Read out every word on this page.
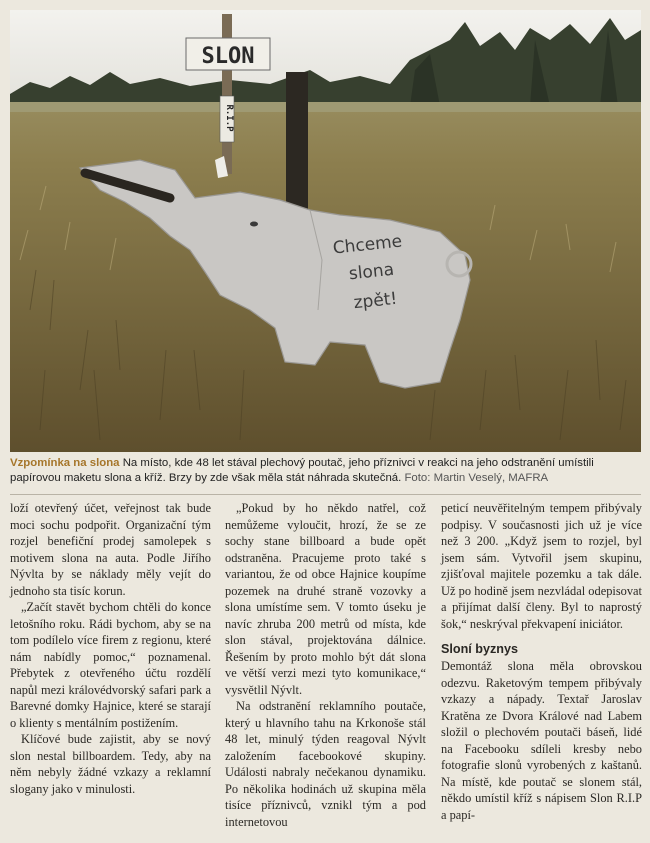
R.I.P
SLON
Chceme
slona
zpět!
Vzpomínka na slona Na místo, kde 48 let stával plechový poutač, jeho příznivci v reakci na jeho odstranění umístili papírovou maketu slona a kříž. Brzy by zde však měla stát náhrada skutečná. Foto: Martin Veselý, MAFRA

loží otevřený účet, veřejnost tak bude moci sochu podpořit. Organizační tým rozjel benefiční prodej samolepek s motivem slona na auta. Podle Jiřího Nývlta by se náklady měly vejít do jednoho sta tisíc korun.

„Začít stavět bychom chtěli do konce letošního roku. Rádi bychom, aby se na tom podílelo více firem z regionu, které nám nabídly pomoc,“ poznamenal. Přebytek z otevřeného účtu rozdělí napůl mezi královédvorský safari park a Barevné domky Hajnice, které se starají o klienty s mentálním postižením.

Klíčové bude zajistit, aby se nový slon nestal billboardem. Tedy, aby na něm nebyly žádné vzkazy a reklamní slogany jako v minulosti.

„Pokud by ho někdo natřel, což nemůžeme vyloučit, hrozí, že se ze sochy stane billboard a bude opět odstraněna. Pracujeme proto také s variantou, že od obce Hajnice koupíme pozemek na druhé straně vozovky a slona umístíme sem. V tomto úseku je navíc zhruba 200 metrů od místa, kde slon stával, projektována dálnice. Řešením by proto mohlo být dát slona ve větší verzi mezi tyto komunikace,“ vysvětlil Nývlt.

Na odstranění reklamního poutače, který u hlavního tahu na Krkonoše stál 48 let, minulý týden reagoval Nývlt založením facebookové skupiny. Události nabraly nečekanou dynamiku. Po několika hodinách už skupina měla tisíce příznivců, vznikl tým a pod internetovou

peticí neuvěřitelným tempem přibývaly podpisy. V současnosti jich už je více než 3 200. „Když jsem to rozjel, byl jsem sám. Vytvořil jsem skupinu, zjišťoval majitele pozemku a tak dále. Už po hodině jsem nezvládal odepisovat a přijímat další členy. Byl to naprostý šok,“ neskrýval překvapení iniciátor.

Sloní byznys

Demontáž slona měla obrovskou odezvu. Raketovým tempem přibývaly vzkazy a nápady. Textař Jaroslav Kratěna ze Dvora Králové nad Labem složil o plechovém poutači báseň, lidé na Facebooku sdíleli kresby nebo fotografie slonů vyrobených z kaštanů. Na místě, kde poutač se slonem stál, někdo umístil kříž s nápisem Slon R.I.P a papí-
